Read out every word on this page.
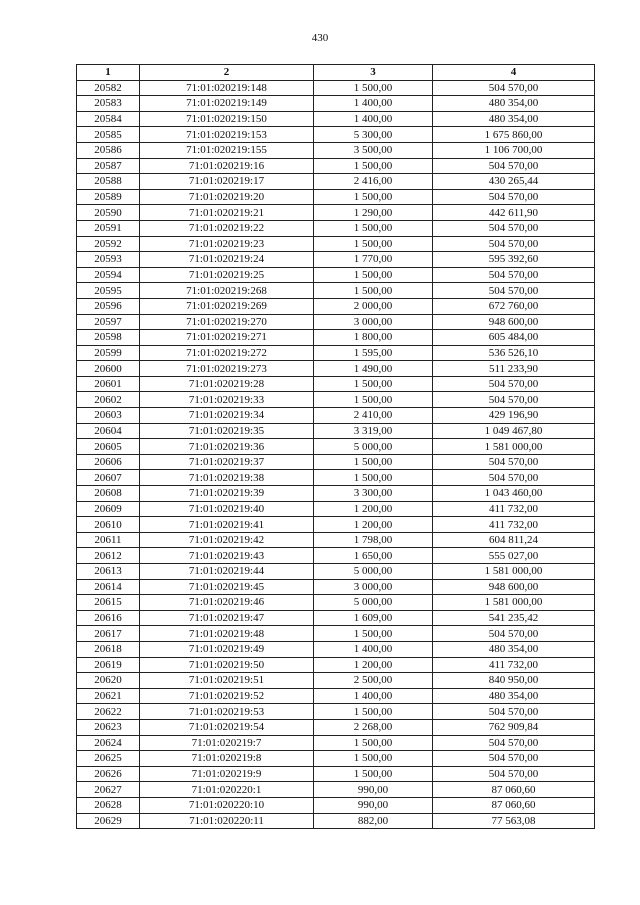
430
1	2	3	4
20582	71:01:020219:148	1 500,00	504 570,00
20583	71:01:020219:149	1 400,00	480 354,00
20584	71:01:020219:150	1 400,00	480 354,00
20585	71:01:020219:153	5 300,00	1 675 860,00
20586	71:01:020219:155	3 500,00	1 106 700,00
20587	71:01:020219:16	1 500,00	504 570,00
20588	71:01:020219:17	2 416,00	430 265,44
20589	71:01:020219:20	1 500,00	504 570,00
20590	71:01:020219:21	1 290,00	442 611,90
20591	71:01:020219:22	1 500,00	504 570,00
20592	71:01:020219:23	1 500,00	504 570,00
20593	71:01:020219:24	1 770,00	595 392,60
20594	71:01:020219:25	1 500,00	504 570,00
20595	71:01:020219:268	1 500,00	504 570,00
20596	71:01:020219:269	2 000,00	672 760,00
20597	71:01:020219:270	3 000,00	948 600,00
20598	71:01:020219:271	1 800,00	605 484,00
20599	71:01:020219:272	1 595,00	536 526,10
20600	71:01:020219:273	1 490,00	511 233,90
20601	71:01:020219:28	1 500,00	504 570,00
20602	71:01:020219:33	1 500,00	504 570,00
20603	71:01:020219:34	2 410,00	429 196,90
20604	71:01:020219:35	3 319,00	1 049 467,80
20605	71:01:020219:36	5 000,00	1 581 000,00
20606	71:01:020219:37	1 500,00	504 570,00
20607	71:01:020219:38	1 500,00	504 570,00
20608	71:01:020219:39	3 300,00	1 043 460,00
20609	71:01:020219:40	1 200,00	411 732,00
20610	71:01:020219:41	1 200,00	411 732,00
20611	71:01:020219:42	1 798,00	604 811,24
20612	71:01:020219:43	1 650,00	555 027,00
20613	71:01:020219:44	5 000,00	1 581 000,00
20614	71:01:020219:45	3 000,00	948 600,00
20615	71:01:020219:46	5 000,00	1 581 000,00
20616	71:01:020219:47	1 609,00	541 235,42
20617	71:01:020219:48	1 500,00	504 570,00
20618	71:01:020219:49	1 400,00	480 354,00
20619	71:01:020219:50	1 200,00	411 732,00
20620	71:01:020219:51	2 500,00	840 950,00
20621	71:01:020219:52	1 400,00	480 354,00
20622	71:01:020219:53	1 500,00	504 570,00
20623	71:01:020219:54	2 268,00	762 909,84
20624	71:01:020219:7	1 500,00	504 570,00
20625	71:01:020219:8	1 500,00	504 570,00
20626	71:01:020219:9	1 500,00	504 570,00
20627	71:01:020220:1	990,00	87 060,60
20628	71:01:020220:10	990,00	87 060,60
20629	71:01:020220:11	882,00	77 563,08
